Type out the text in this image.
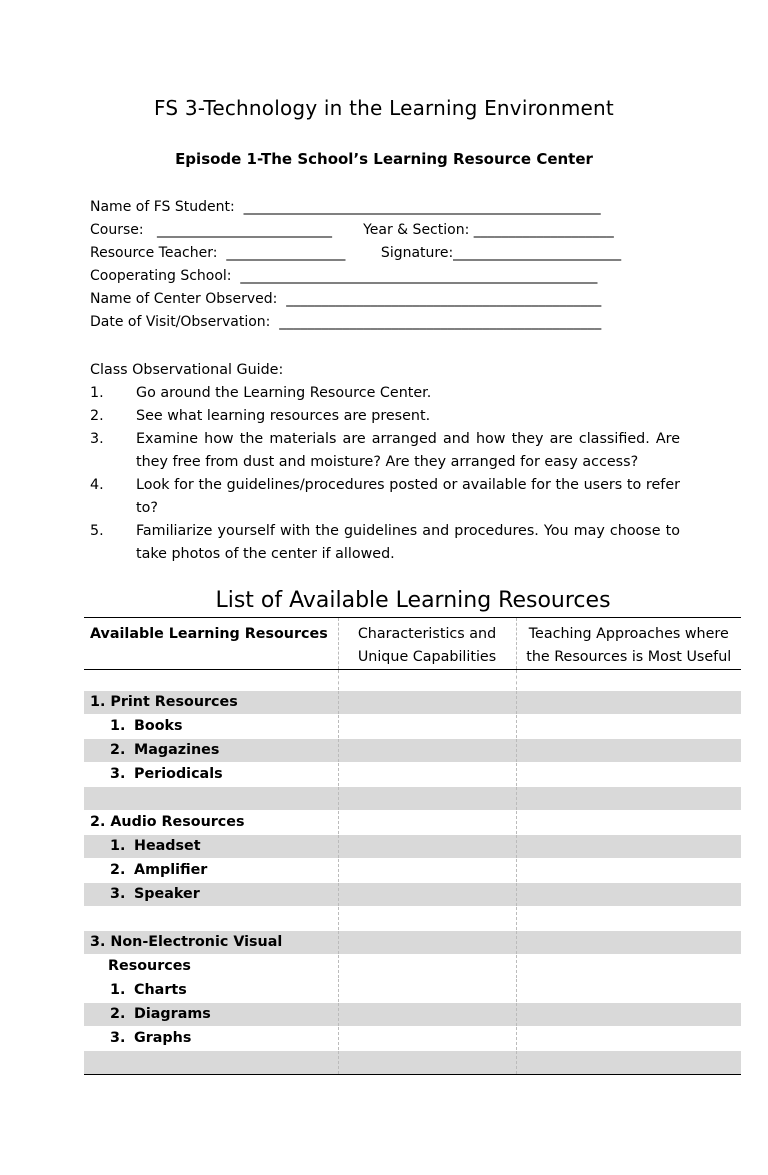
FS 3-Technology in the Learning Environment
Episode 1-The School’s Learning Resource Center
Name of FS Student:  ___________________________________________________
Course:   _________________________       Year & Section: ____________________
Resource Teacher:  _________________        Signature:________________________
Cooperating School:  ___________________________________________________
Name of Center Observed:  _____________________________________________
Date of Visit/Observation:  ______________________________________________
Class Observational Guide:
1.	Go around the Learning Resource Center.
2.	See what learning resources are present.
3.	Examine how the materials are arranged and how they are classified. Are they free from dust and moisture? Are they arranged for easy access?
4.	Look for the guidelines/procedures posted or available for the users to refer to?
5.	Familiarize yourself with the guidelines and procedures. You may choose to take photos of the center if allowed.
List of Available Learning Resources
Available Learning Resources	Characteristics and Unique Capabilities	Teaching Approaches where the Resources is Most Useful

1. Print Resources		
1. Books		
2. Magazines		
3. Periodicals		

2. Audio Resources		
1. Headset		
2. Amplifier		
3. Speaker		

3. Non-Electronic Visual		
Resources		
1. Charts		
2. Diagrams		
3. Graphs		
